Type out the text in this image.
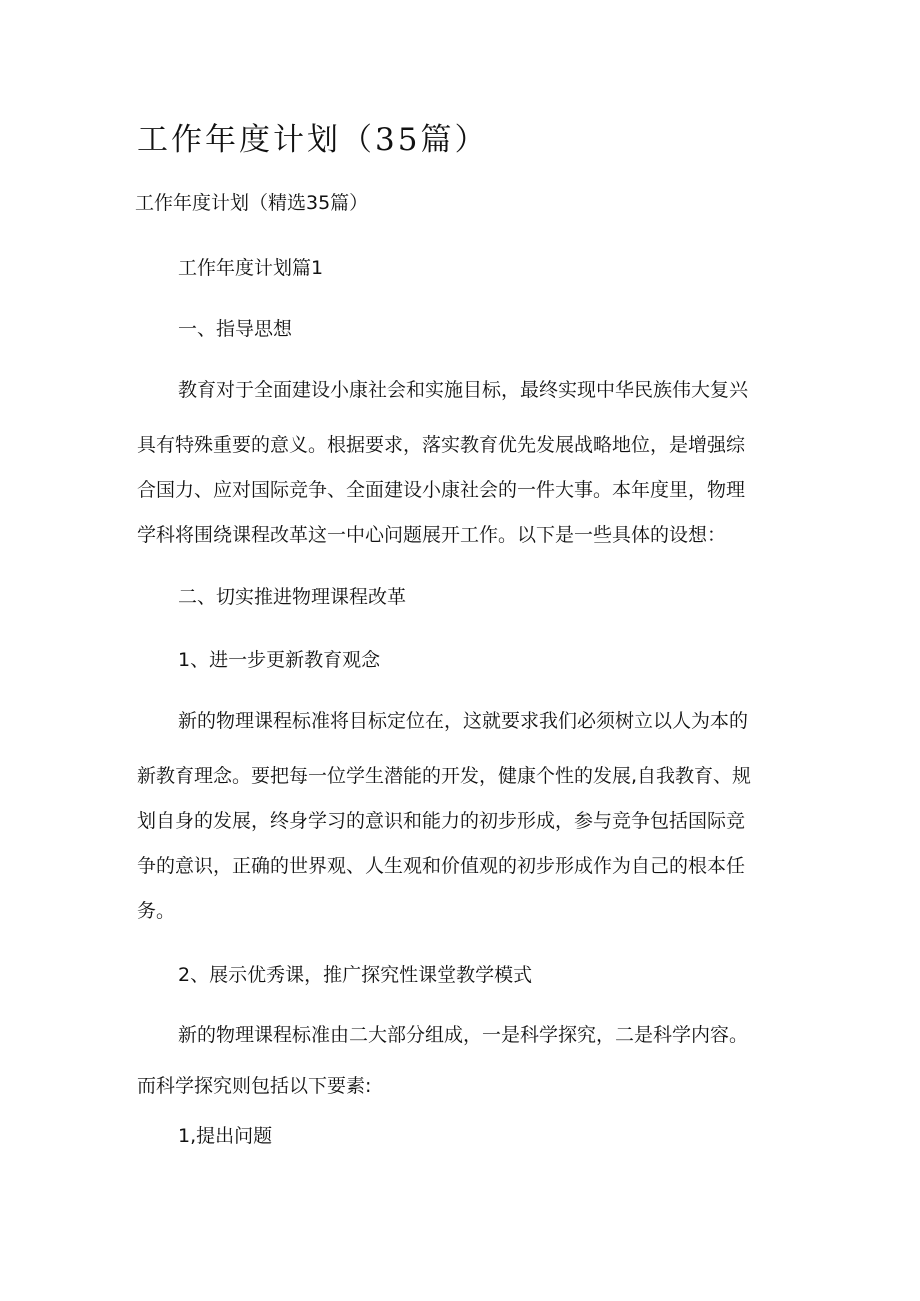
工作年度计划（35篇）
工作年度计划（精选35篇）
工作年度计划篇1
一、指导思想
教育对于全面建设小康社会和实施目标，最终实现中华民族伟大复兴
具有特殊重要的意义。根据要求，落实教育优先发展战略地位，是增强综
合国力、应对国际竞争、全面建设小康社会的一件大事。本年度里，物理
学科将围绕课程改革这一中心问题展开工作。以下是一些具体的设想：
二、切实推进物理课程改革
1、进一步更新教育观念
新的物理课程标准将目标定位在，这就要求我们必须树立以人为本的
新教育理念。要把每一位学生潜能的开发，健康个性的发展,自我教育、规
划自身的发展，终身学习的意识和能力的初步形成，参与竞争包括国际竞
争的意识，正确的世界观、人生观和价值观的初步形成作为自己的根本任
务。
2、展示优秀课，推广探究性课堂教学模式
新的物理课程标准由二大部分组成，一是科学探究，二是科学内容。
而科学探究则包括以下要素:
1,提出问题
